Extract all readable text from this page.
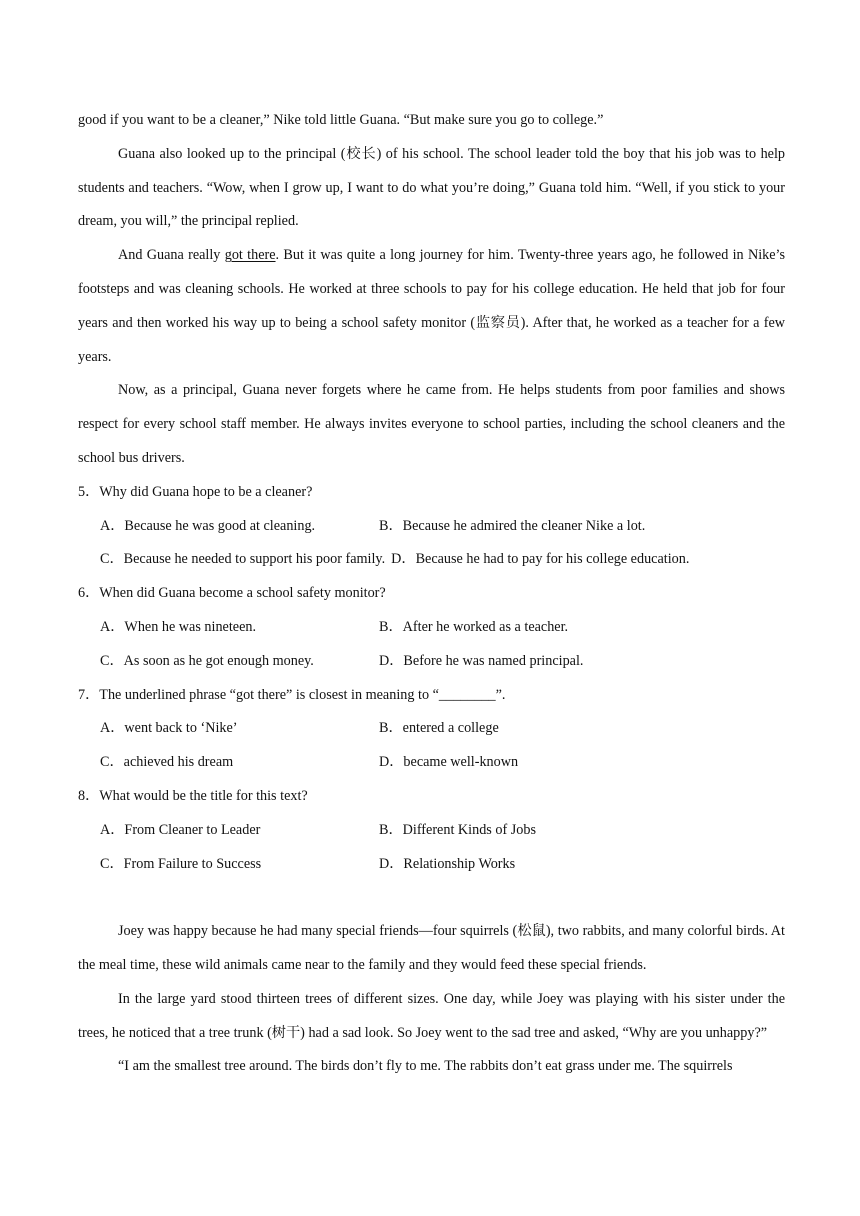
good if you want to be a cleaner,” Nike told little Guana. “But make sure you go to college.”

Guana also looked up to the principal (校长) of his school. The school leader told the boy that his job was to help students and teachers. “Wow, when I grow up, I want to do what you’re doing,” Guana told him. “Well, if you stick to your dream, you will,” the principal replied.

And Guana really got there. But it was quite a long journey for him. Twenty-three years ago, he followed in Nike’s footsteps and was cleaning schools. He worked at three schools to pay for his college education. He held that job for four years and then worked his way up to being a school safety monitor (监察员). After that, he worked as a teacher for a few years.

Now, as a principal, Guana never forgets where he came from. He helps students from poor families and shows respect for every school staff member. He always invites everyone to school parties, including the school cleaners and the school bus drivers.

5．Why did Guana hope to be a cleaner?

A．Because he was good at cleaning.	B．Because he admired the cleaner Nike a lot.
C．Because he needed to support his poor family. D．Because he had to pay for his college education.

6．When did Guana become a school safety monitor?

A．When he was nineteen.	B．After he worked as a teacher.
C．As soon as he got enough money.	D．Before he was named principal.

7．The underlined phrase “got there” is closest in meaning to “________”.

A．went back to ‘Nike’	B．entered a college
C．achieved his dream	D．became well-known

8．What would be the title for this text?

A．From Cleaner to Leader	B．Different Kinds of Jobs
C．From Failure to Success	D．Relationship Works

Joey was happy because he had many special friends—four squirrels (松鼠), two rabbits, and many colorful birds. At the meal time, these wild animals came near to the family and they would feed these special friends.

In the large yard stood thirteen trees of different sizes. One day, while Joey was playing with his sister under the trees, he noticed that a tree trunk (树干) had a sad look. So Joey went to the sad tree and asked, “Why are you unhappy?”

“I am the smallest tree around. The birds don’t fly to me. The rabbits don’t eat grass under me. The squirrels
